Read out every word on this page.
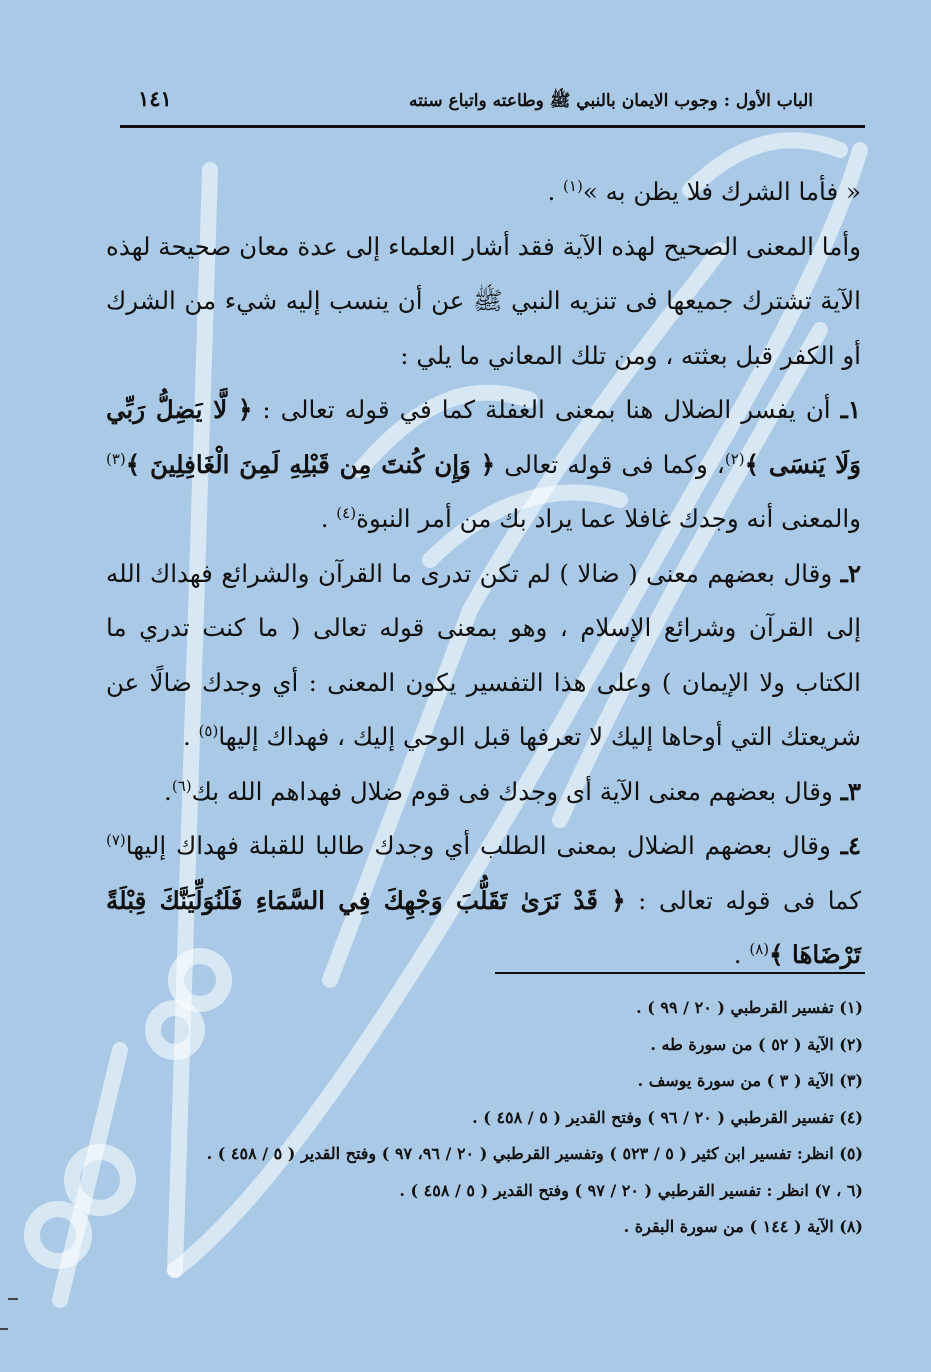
الباب الأول : وجوب الايمان بالنبي ﷺ وطاعته واتباع سنته
١٤١

« فأما الشرك فلا يظن به »$^{(١)}$ .

وأما المعنى الصحيح لهذه الآية فقد أشار العلماء إلى عدة معان صحيحة لهذه الآية تشترك جميعها فى تنزيه النبي ﷺ عن أن ينسب إليه شيء من الشرك أو الكفر قبل بعثته ، ومن تلك المعاني ما يلي :

١ـ أن يفسر الضلال هنا بمعنى الغفلة كما في قوله تعالى : ﴿ لَّا يَضِلُّ رَبِّي وَلَا يَنسَى ﴾$^{(٢)}$، وكما فى قوله تعالى ﴿ وَإِن كُنتَ مِن قَبْلِهِ لَمِنَ الْغَافِلِينَ ﴾$^{(٣)}$ والمعنى أنه وجدك غافلا عما يراد بك من أمر النبوة$^{(٤)}$ .

٢ـ وقال بعضهم معنى ( ضالا ) لم تكن تدرى ما القرآن والشرائع فهداك الله إلى القرآن وشرائع الإسلام ، وهو بمعنى قوله تعالى ( ما كنت تدري ما الكتاب ولا الإيمان ) وعلى هذا التفسير يكون المعنى : أي وجدك ضالًا عن شريعتك التي أوحاها إليك لا تعرفها قبل الوحي إليك ، فهداك إليها$^{(٥)}$ .

٣ـ وقال بعضهم معنى الآية أى وجدك فى قوم ضلال فهداهم الله بك$^{(٦)}$.

٤ـ وقال بعضهم الضلال بمعنى الطلب أي وجدك طالبا للقبلة فهداك إليها$^{(٧)}$ كما فى قوله تعالى : ﴿ قَدْ نَرَىٰ تَقَلُّبَ وَجْهِكَ فِي السَّمَاءِ فَلَنُوَلِّيَنَّكَ قِبْلَةً تَرْضَاهَا ﴾$^{(٨)}$ .

(١) تفسير القرطبي ( ٢٠ / ٩٩ ) .
(٢) الآية ( ٥٢ ) من سورة طه .
(٣) الآية ( ٣ ) من سورة يوسف .
(٤) تفسير القرطبي ( ٢٠ / ٩٦ ) وفتح القدير ( ٥ / ٤٥٨ ) .
(٥) انظر: تفسير ابن كثير ( ٥ / ٥٢٣ ) وتفسير القرطبي ( ٢٠ / ٩٦، ٩٧ ) وفتح القدير ( ٥ / ٤٥٨ ) .
(٦ ، ٧) انظر : تفسير القرطبي ( ٢٠ / ٩٧ ) وفتح القدير ( ٥ / ٤٥٨ ) .
(٨) الآية ( ١٤٤ ) من سورة البقرة .
